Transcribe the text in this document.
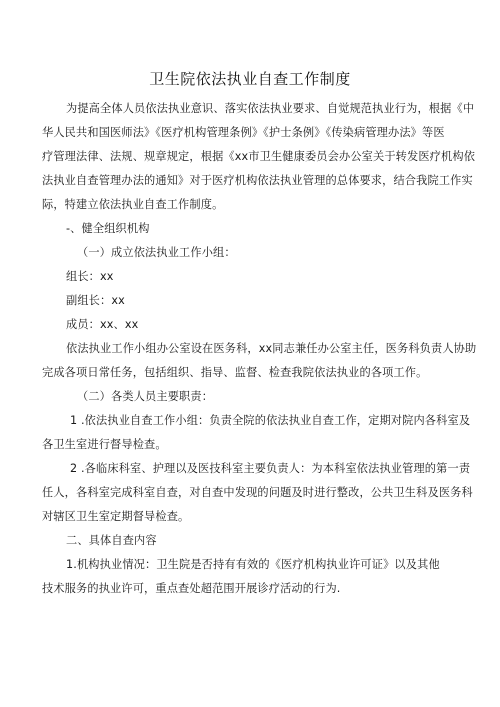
卫生院依法执业自查工作制度
为提高全体人员依法执业意识、落实依法执业要求、自觉规范执业行为，根据《中
华人民共和国医师法》《医疗机构管理条例》《护士条例》《传染病管理办法》等医
疗管理法律、法规、规章规定，根据《xx市卫生健康委员会办公室关于转发医疗机构依
法执业自查管理办法的通知》对于医疗机构依法执业管理的总体要求，结合我院工作实
际，特建立依法执业自查工作制度。
-、健全组织机构
（一）成立依法执业工作小组：
组长：xx
副组长：xx
成员：xx、xx
依法执业工作小组办公室设在医务科，xx同志兼任办公室主任，医务科负责人协助
完成各项日常任务，包括组织、指导、监督、检查我院依法执业的各项工作。
（二）各类人员主要职责：
1 .依法执业自查工作小组：负责全院的依法执业自查工作，定期对院内各科室及
各卫生室进行督导检查。
2 .各临床科室、护理以及医技科室主要负责人：为本科室依法执业管理的第一责
任人，各科室完成科室自查，对自查中发现的问题及时进行整改，公共卫生科及医务科
对辖区卫生室定期督导检查。
二、具体自查内容
1.机构执业情况：卫生院是否持有有效的《医疗机构执业许可证》以及其他
技术服务的执业许可，重点查处超范围开展诊疗活动的行为.
